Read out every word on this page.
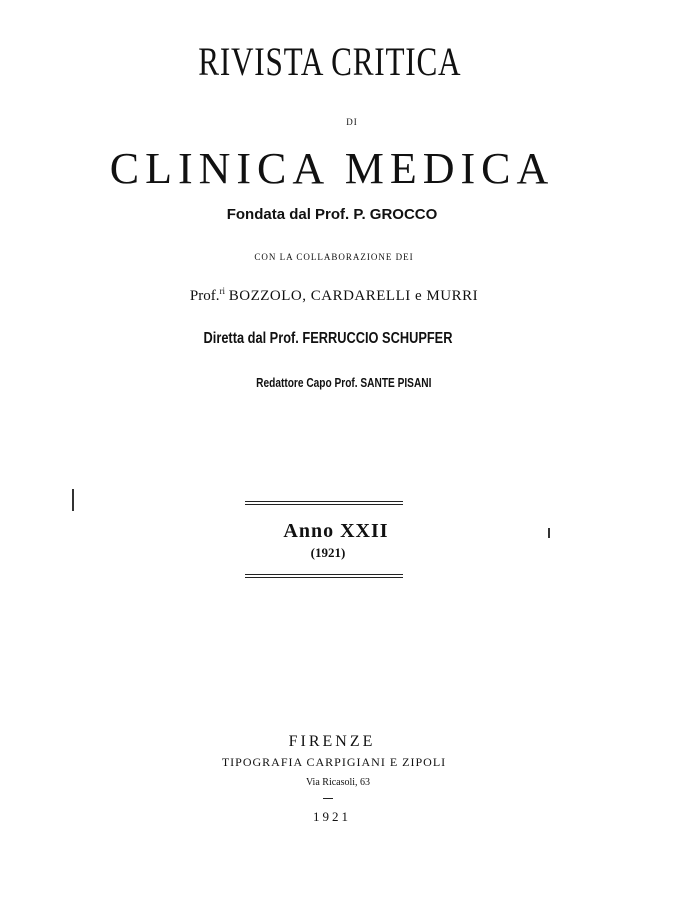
RIVISTA CRITICA
DI
CLINICA MEDICA
Fondata dal Prof. P. GROCCO
CON LA COLLABORAZIONE DEI
Prof.$^{ri}$ BOZZOLO, CARDARELLI e MURRI
Diretta dal Prof. FERRUCCIO SCHUPFER
Redattore Capo Prof. SANTE PISANI
Anno XXII
(1921)
FIRENZE
TIPOGRAFIA CARPIGIANI E ZIPOLI
Via Ricasoli, 63
1921
